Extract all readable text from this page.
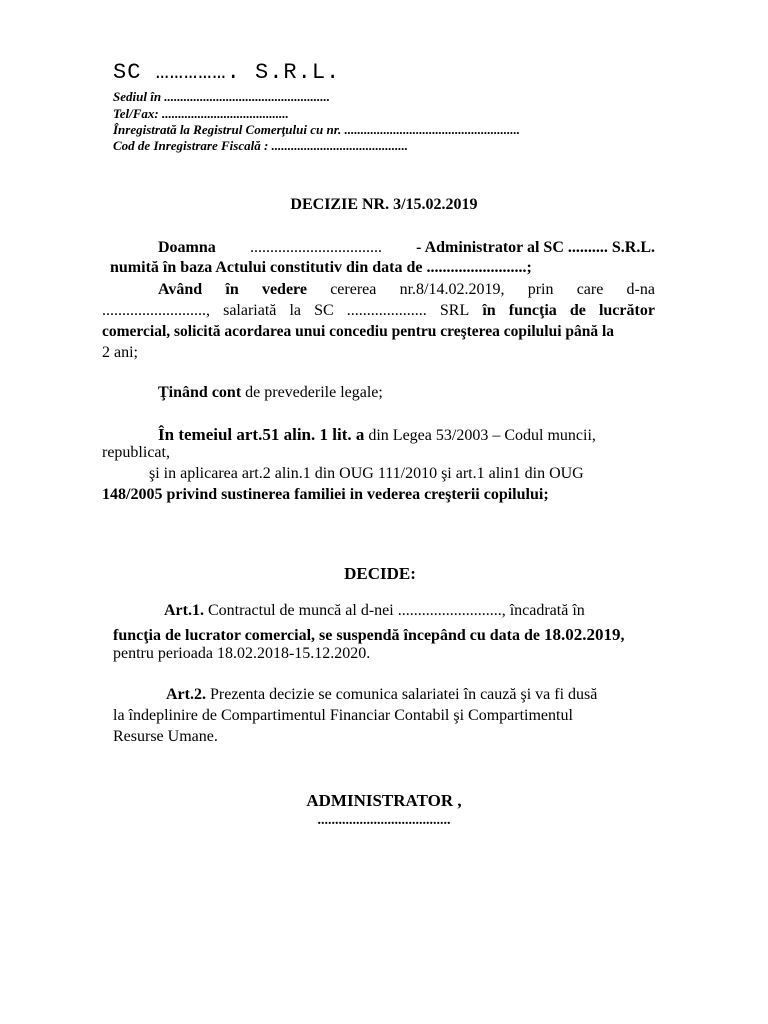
SC ……………. S.R.L.
Sediul în ...................................................
Tel/Fax: .......................................
Înregistrată la Registrul Comerţului cu nr. ......................................................
Cod de Inregistrare Fiscală : ..........................................
DECIZIE NR. 3/15.02.2019
Doamna ................................. - Administrator al SC .......... S.R.L.
numită în baza Actului constitutiv din data de .........................;
Având în vedere cererea nr.8/14.02.2019, prin care d-na
.........................., salariată la SC .................... SRL în funcţia de lucrător
comercial, solicită acordarea unui concediu pentru creşterea copilului până la
2 ani;
Ţinând cont de prevederile legale;
În temeiul art.51 alin. 1 lit. a din Legea 53/2003 – Codul muncii,
republicat,
şi in aplicarea art.2 alin.1 din OUG 111/2010 şi art.1 alin1 din OUG
148/2005 privind sustinerea familiei in vederea creşterii copilului;
DECIDE:
Art.1. Contractul de muncă al d-nei .........................., încadrată în
funcţia de lucrator comercial, se suspendă începând cu data de 18.02.2019,
pentru perioada 18.02.2018-15.12.2020.
Art.2. Prezenta decizie se comunica salariatei în cauză şi va fi dusă
la îndeplinire de Compartimentul Financiar Contabil şi Compartimentul
Resurse Umane.
ADMINISTRATOR ,
......................................
